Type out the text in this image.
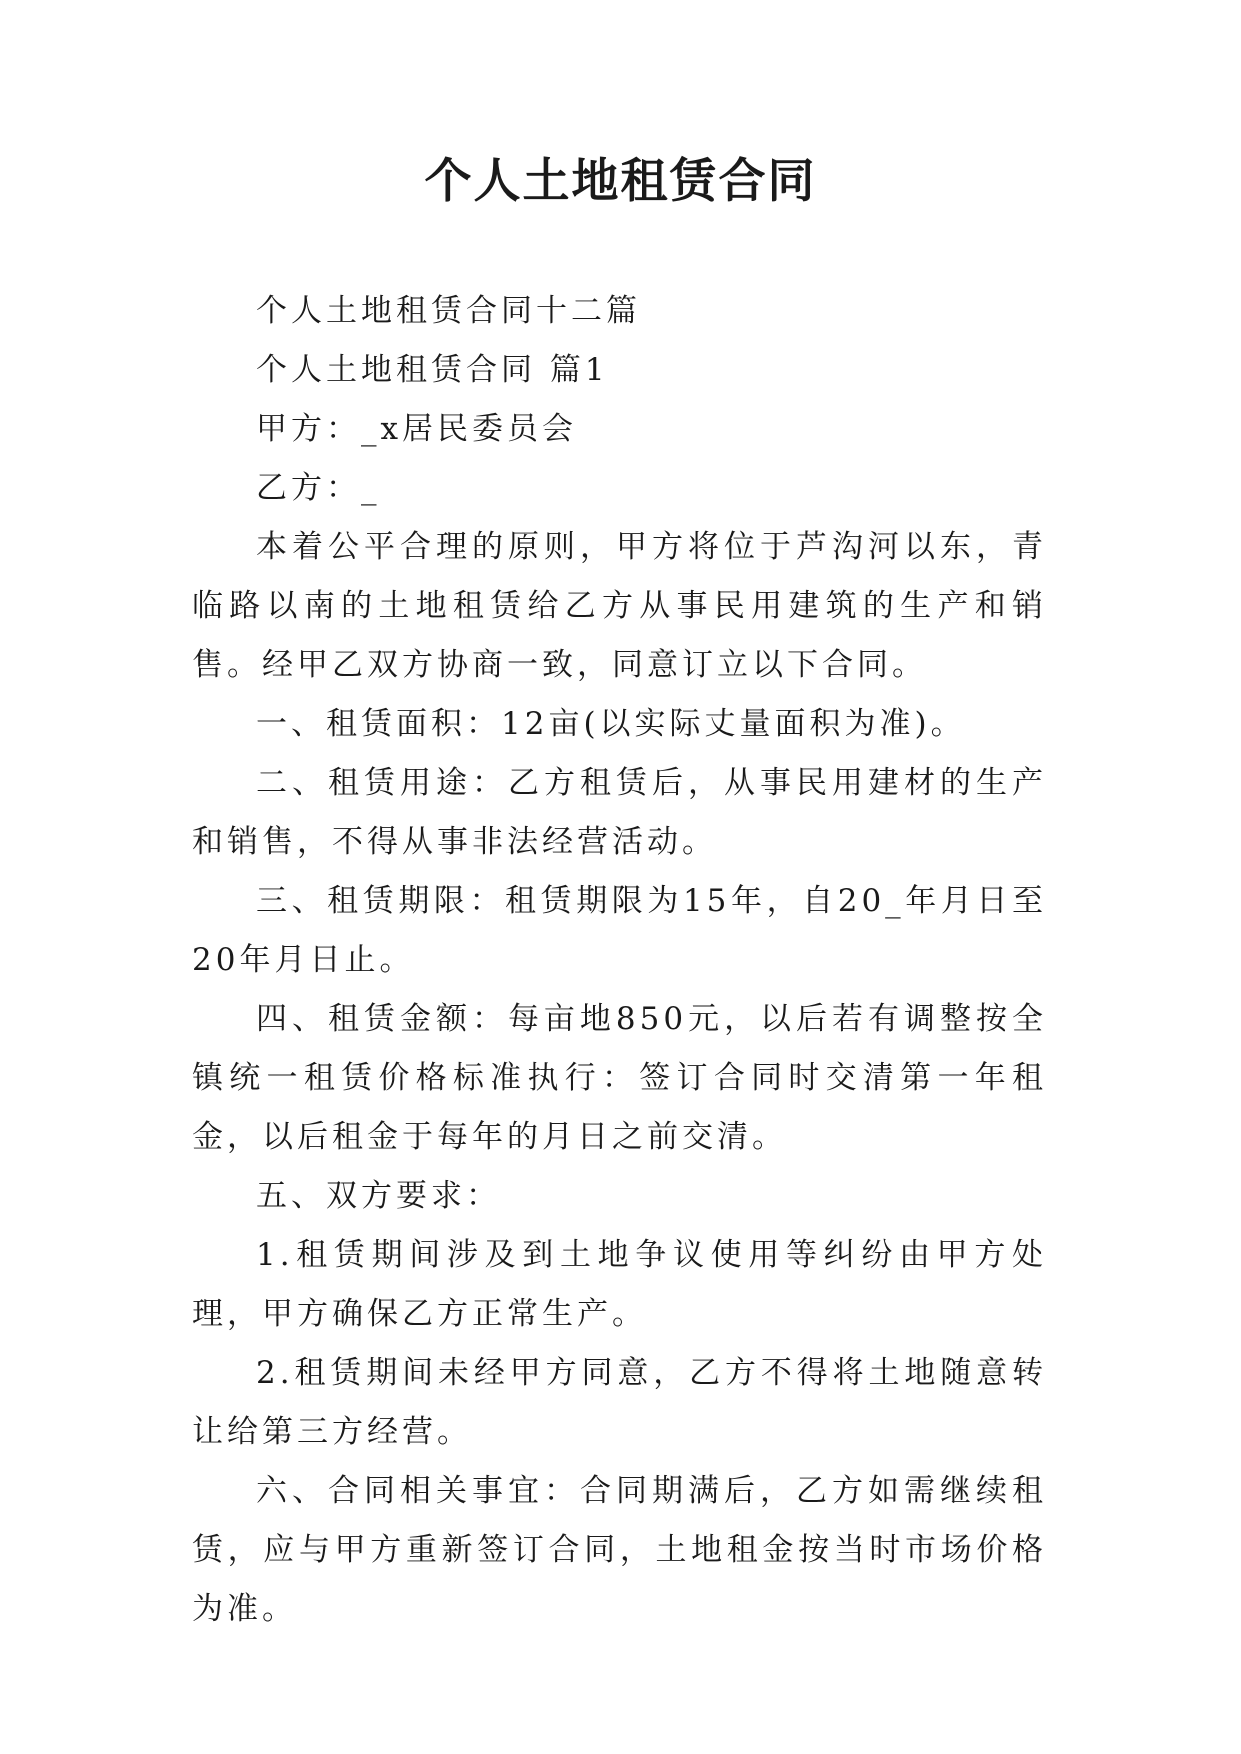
个人土地租赁合同

个人土地租赁合同十二篇

个人土地租赁合同 篇1

甲方：_x居民委员会

乙方：_

本着公平合理的原则，甲方将位于芦沟河以东，青临路以南的土地租赁给乙方从事民用建筑的生产和销售。经甲乙双方协商一致，同意订立以下合同。

一、租赁面积：12亩(以实际丈量面积为准)。

二、租赁用途：乙方租赁后，从事民用建材的生产和销售，不得从事非法经营活动。

三、租赁期限：租赁期限为15年，自20_年月日至20年月日止。

四、租赁金额：每亩地850元，以后若有调整按全镇统一租赁价格标准执行：签订合同时交清第一年租金，以后租金于每年的月日之前交清。

五、双方要求：

1.租赁期间涉及到土地争议使用等纠纷由甲方处理，甲方确保乙方正常生产。

2.租赁期间未经甲方同意，乙方不得将土地随意转让给第三方经营。

六、合同相关事宜：合同期满后，乙方如需继续租赁，应与甲方重新签订合同，土地租金按当时市场价格为准。
